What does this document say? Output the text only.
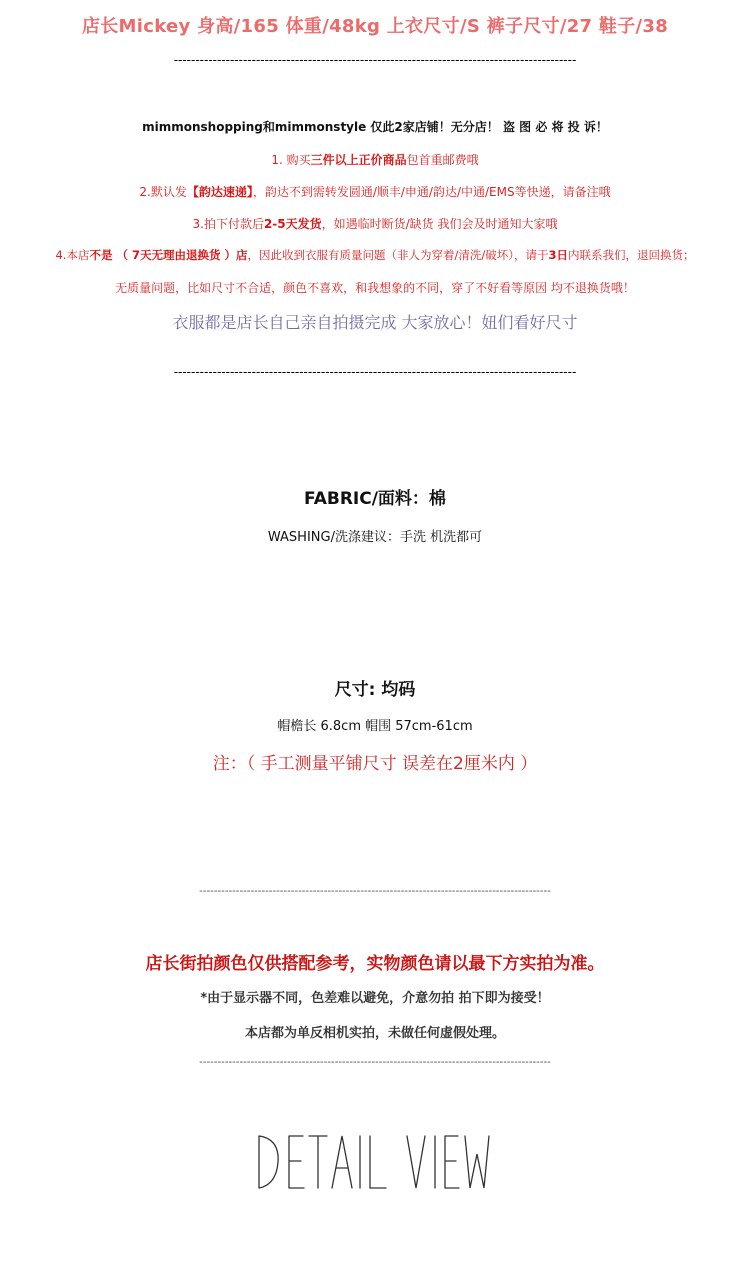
店长Mickey 身高/165 体重/48kg 上衣尺寸/S 裤子尺寸/27 鞋子/38
---------------------------------------------------------------------------------------------
mimmonshopping和mimmonstyle 仅此2家店铺！无分店！ 盗 图 必 将 投 诉！
1. 购买三件以上正价商品包首重邮费哦
2.默认发【韵达速递】，韵达不到需转发圆通/顺丰/申通/韵达/中通/EMS等快递，请备注哦
3.拍下付款后2-5天发货，如遇临时断货/缺货 我们会及时通知大家哦
4.本店不是 （ 7天无理由退换货 ）店，因此收到衣服有质量问题（非人为穿着/清洗/破坏），请于3日内联系我们，退回换货；
无质量问题，比如尺寸不合适，颜色不喜欢，和我想象的不同，穿了不好看等原因 均不退换货哦！
衣服都是店长自己亲自拍摄完成 大家放心！妞们看好尺寸
---------------------------------------------------------------------------------------------
FABRIC/面料：棉
WASHING/洗涤建议：手洗 机洗都可
尺寸: 均码
帽檐长 6.8cm 帽围 57cm-61cm
注：（ 手工测量平铺尺寸 误差在2厘米内 ）
------------------------------------------------------------------------------------------------
店长街拍颜色仅供搭配参考，实物颜色请以最下方实拍为准。
*由于显示器不同，色差难以避免，介意勿拍 拍下即为接受！
本店都为单反相机实拍，未做任何虚假处理。
------------------------------------------------------------------------------------------------
